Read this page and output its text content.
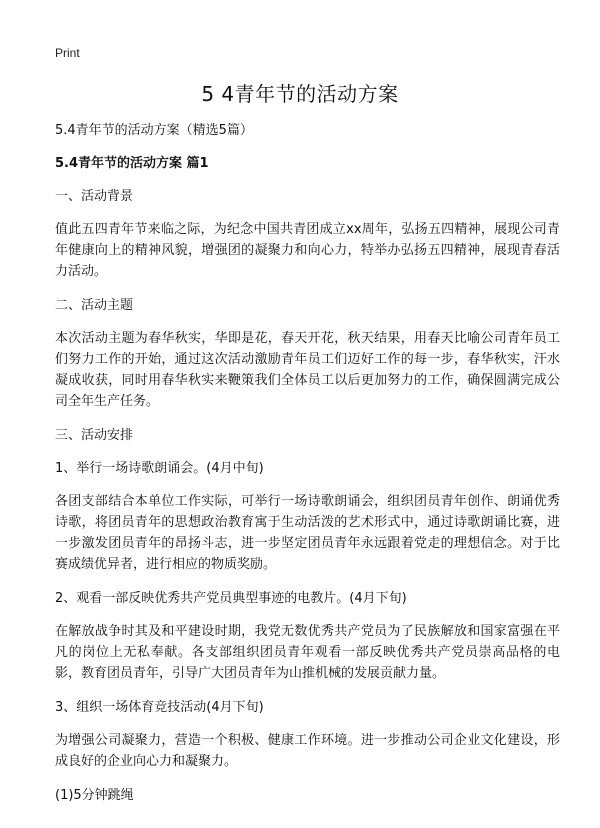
Print
5 4青年节的活动方案

5.4青年节的活动方案（精选5篇）

5.4青年节的活动方案 篇1

一、活动背景

值此五四青年节来临之际，为纪念中国共青团成立xx周年，弘扬五四精神，展现公司青年健康向上的精神风貌，增强团的凝聚力和向心力，特举办弘扬五四精神，展现青春活力活动。

二、活动主题

本次活动主题为春华秋实，华即是花，春天开花，秋天结果，用春天比喻公司青年员工们努力工作的开始，通过这次活动激励青年员工们迈好工作的每一步，春华秋实，汗水凝成收获，同时用春华秋实来鞭策我们全体员工以后更加努力的工作，确保圆满完成公司全年生产任务。

三、活动安排

1、举行一场诗歌朗诵会。(4月中旬)

各团支部结合本单位工作实际，可举行一场诗歌朗诵会，组织团员青年创作、朗诵优秀诗歌，将团员青年的思想政治教育寓于生动活泼的艺术形式中，通过诗歌朗诵比赛，进一步激发团员青年的昂扬斗志，进一步坚定团员青年永远跟着党走的理想信念。对于比赛成绩优异者，进行相应的物质奖励。

2、观看一部反映优秀共产党员典型事迹的电教片。(4月下旬)

在解放战争时其及和平建设时期，我党无数优秀共产党员为了民族解放和国家富强在平凡的岗位上无私奉献。各支部组织团员青年观看一部反映优秀共产党员崇高品格的电影，教育团员青年，引导广大团员青年为山推机械的发展贡献力量。

3、组织一场体育竞技活动(4月下旬)

为增强公司凝聚力，营造一个积极、健康工作环境。进一步推动公司企业文化建设，形成良好的企业向心力和凝聚力。

(1)5分钟跳绳
